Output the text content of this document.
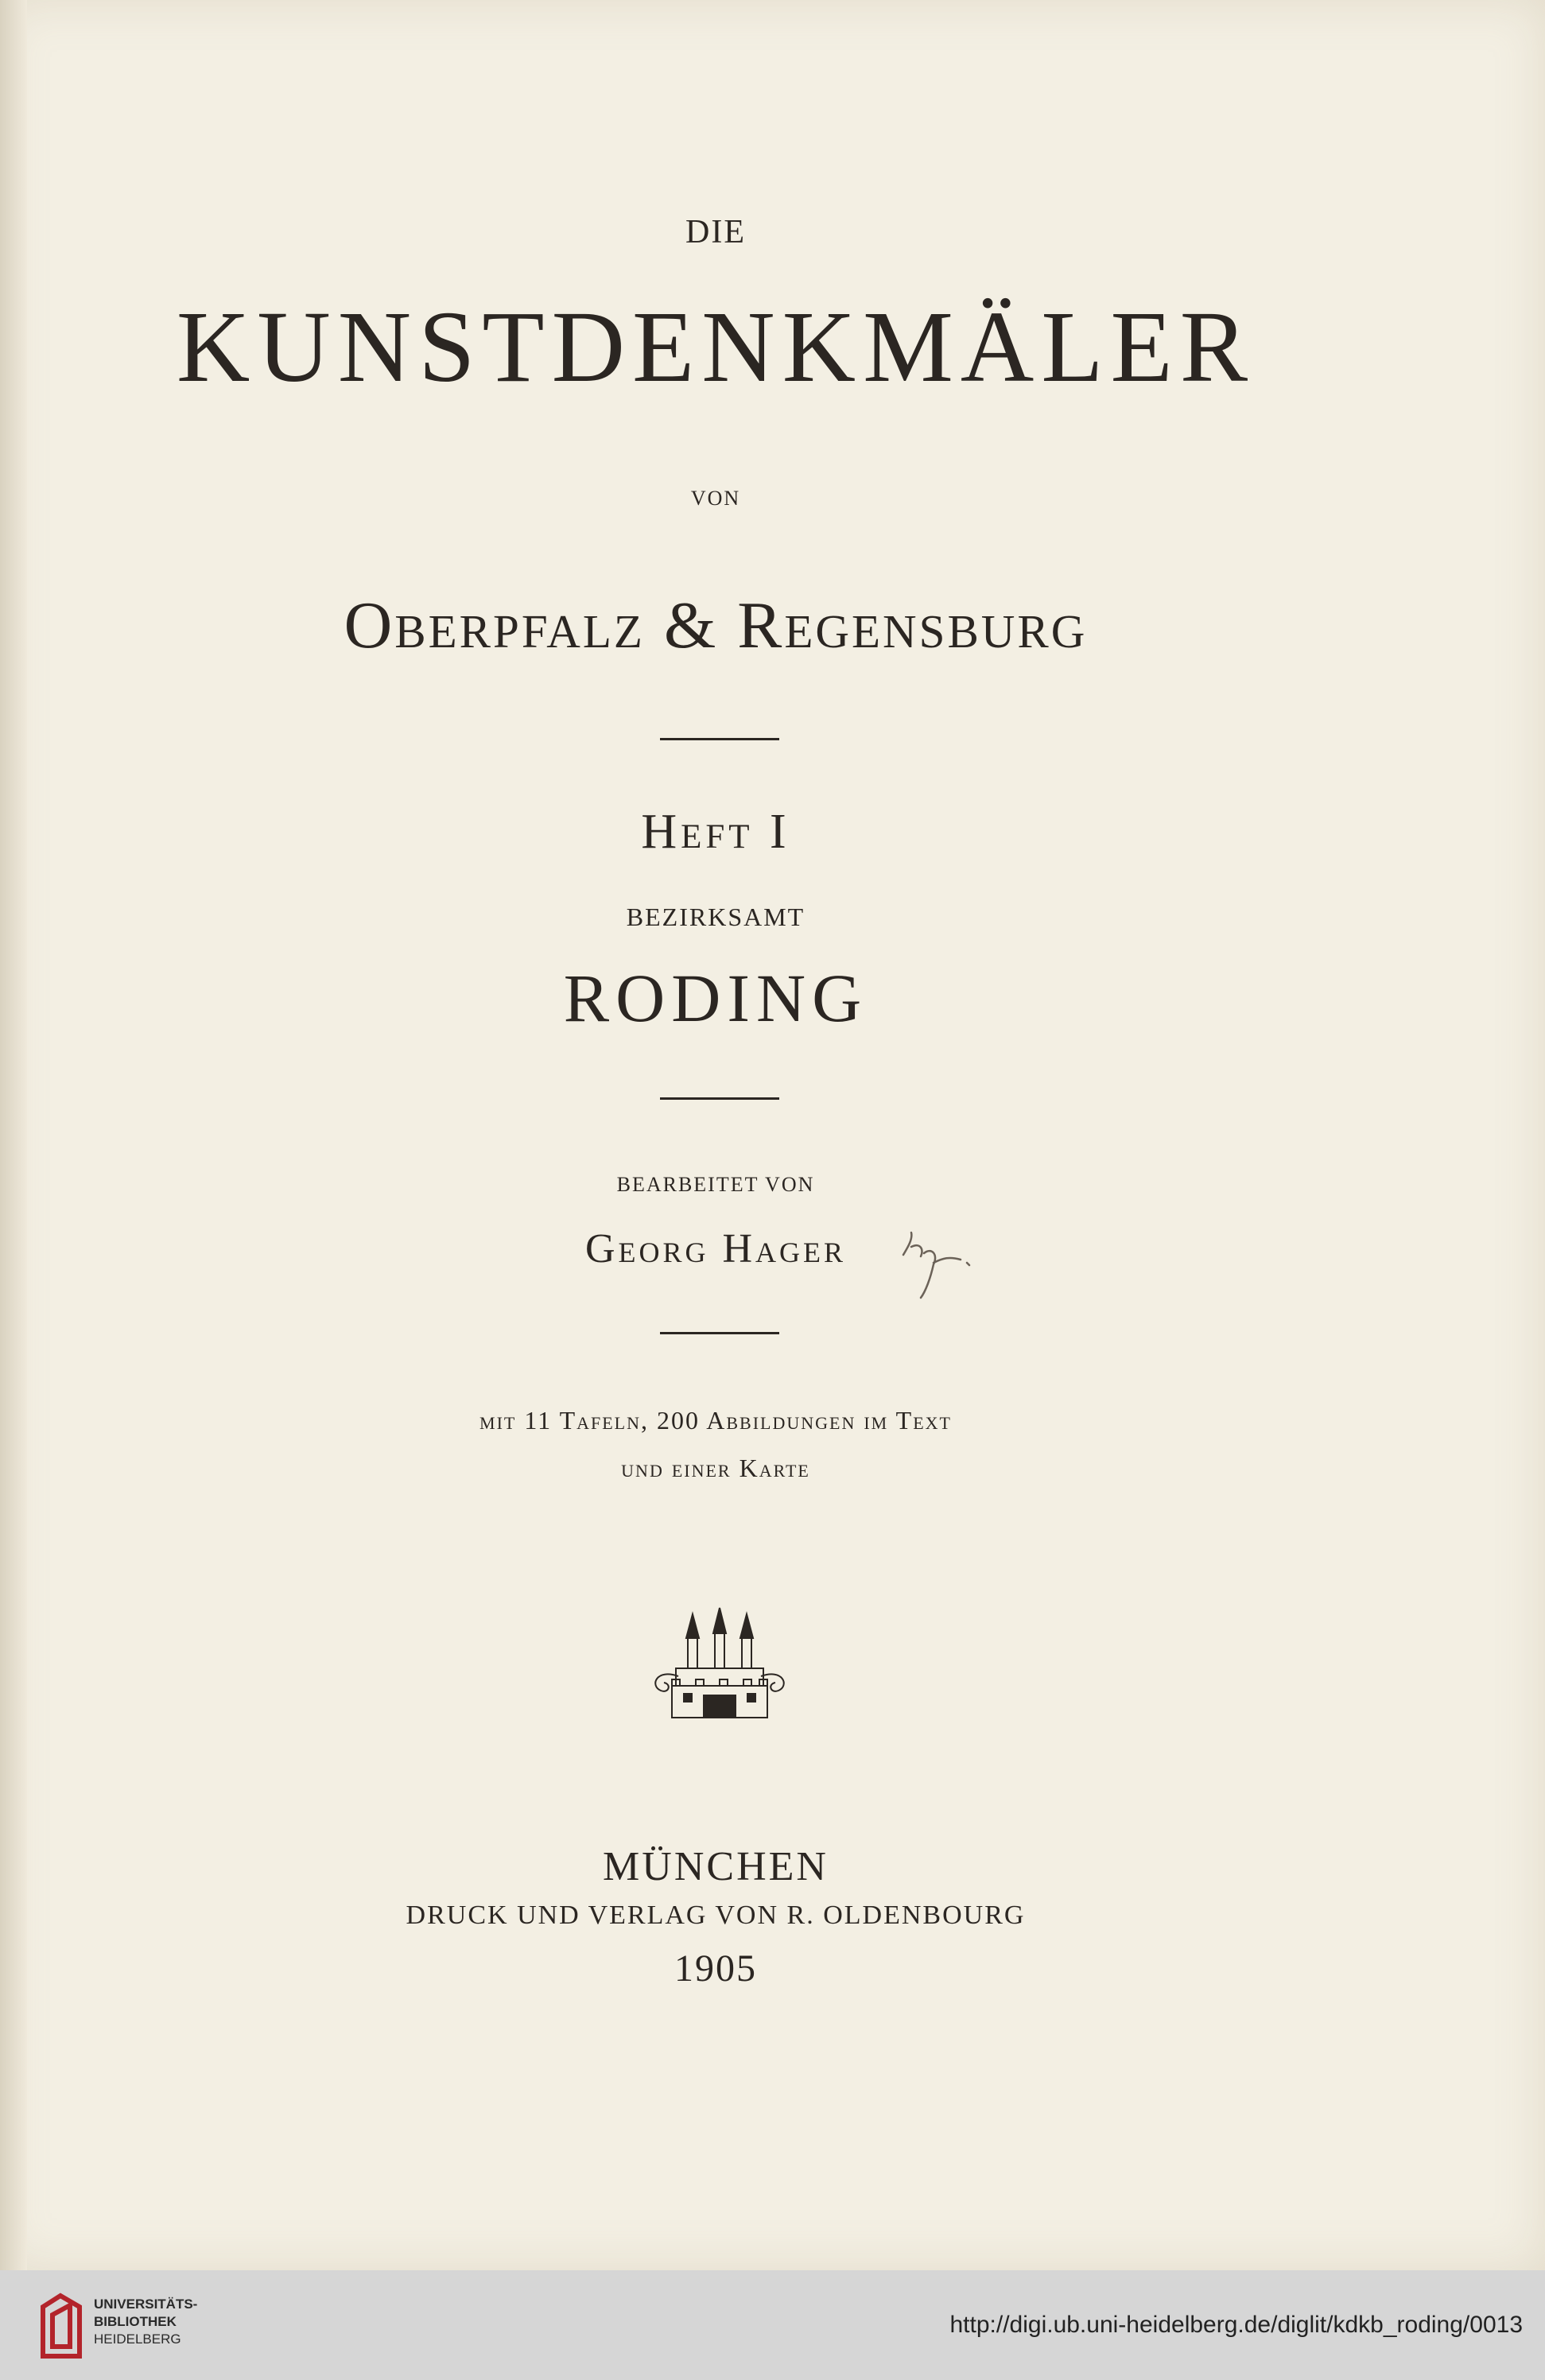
DIE
KUNSTDENKMÄLER
VON
Oberpfalz & Regensburg
Heft I
BEZIRKSAMT
RODING
BEARBEITET VON
Georg Hager
mit 11 Tafeln, 200 Abbildungen im Text
und einer Karte
MÜNCHEN
DRUCK UND VERLAG VON R. OLDENBOURG
1905
UNIVERSITÄTS-
BIBLIOTHEK
HEIDELBERG
http://digi.ub.uni-heidelberg.de/diglit/kdkb_roding/0013
